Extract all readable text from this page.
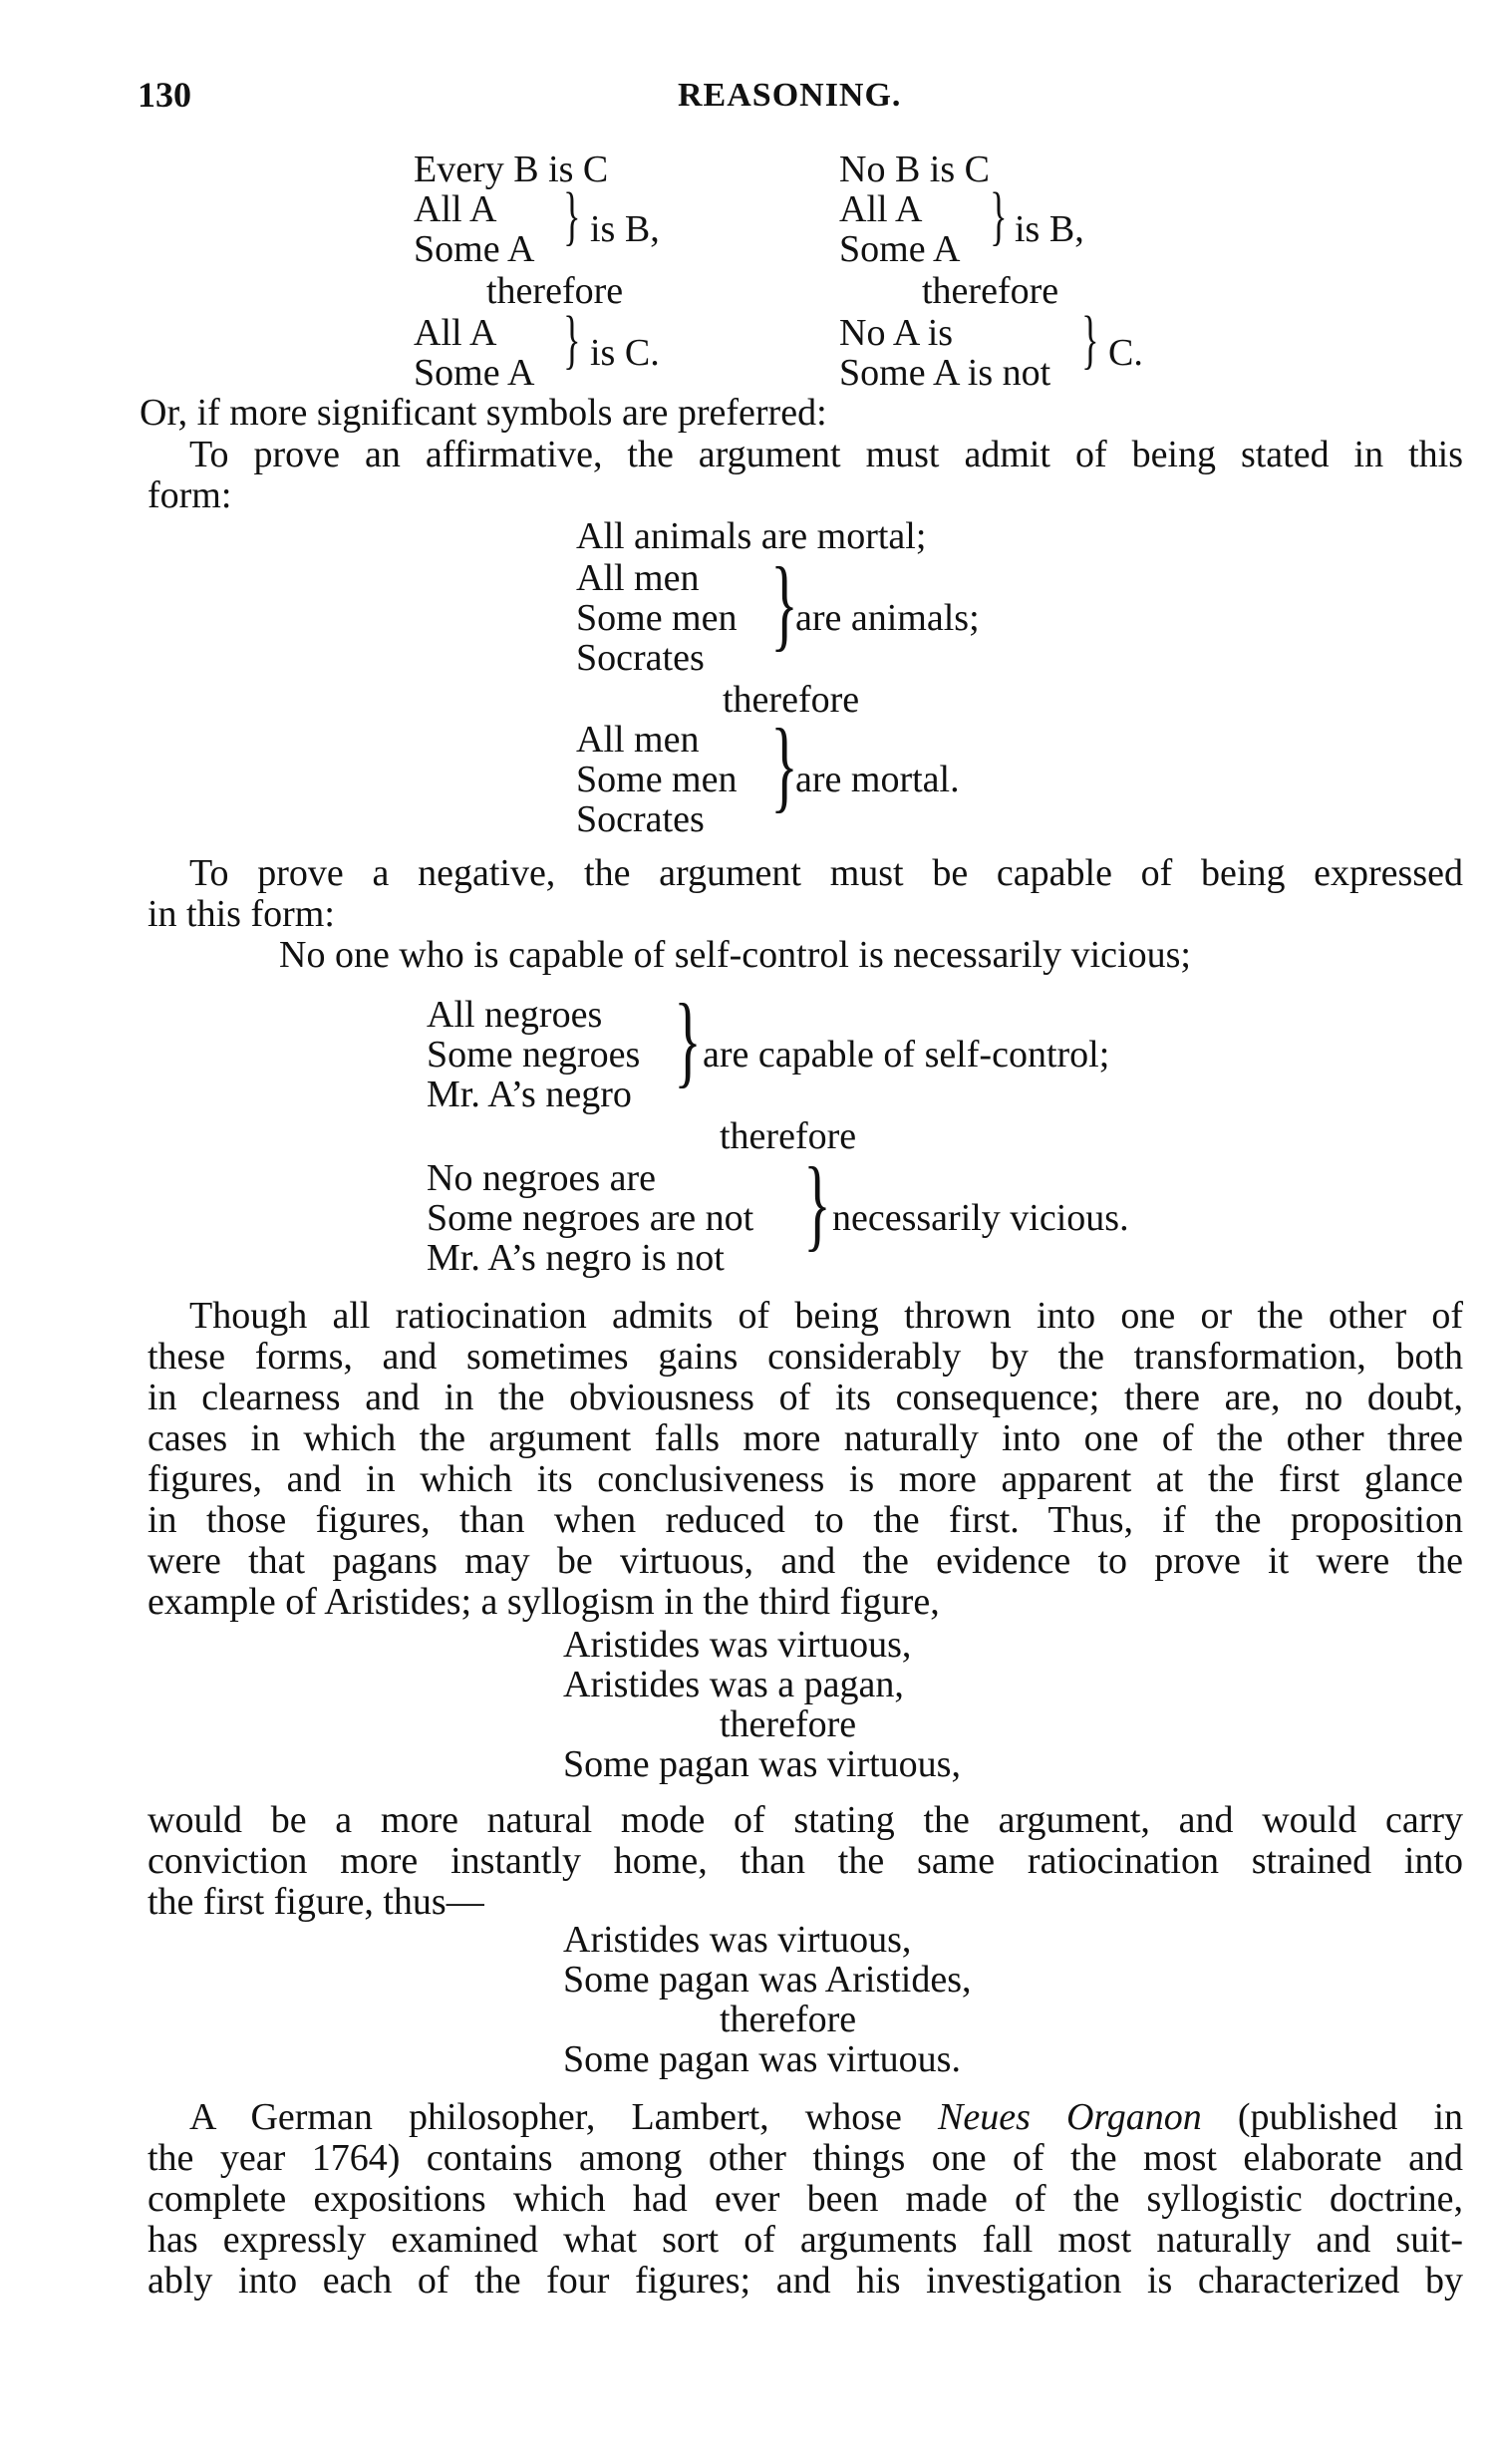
130	REASONING.
Every B is C
All A
Some A } is B,
therefore
All A
Some A } is C.
No B is C
All A
Some A } is B,
therefore
No A is
Some A is not } C.
Or, if more significant symbols are preferred:
To prove an affirmative, the argument must admit of being stated in this
form:
All animals are mortal;
All men
Some men
Socrates }
are animals;
therefore
All men
Some men
Socrates }
are mortal.
To prove a negative, the argument must be capable of being expressed
in this form:
No one who is capable of self-control is necessarily vicious;
All negroes
Some negroes
Mr. A’s negro } are capable of self-control;
therefore
No negroes are
Some negroes are not
Mr. A’s negro is not } necessarily vicious.
Though all ratiocination admits of being thrown into one or the other of
these forms, and sometimes gains considerably by the transformation, both
in clearness and in the obviousness of its consequence; there are, no doubt,
cases in which the argument falls more naturally into one of the other three
figures, and in which its conclusiveness is more apparent at the first glance
in those figures, than when reduced to the first. Thus, if the proposition
were that pagans may be virtuous, and the evidence to prove it were the
example of Aristides; a syllogism in the third figure,
Aristides was virtuous,
Aristides was a pagan,
therefore
Some pagan was virtuous,
would be a more natural mode of stating the argument, and would carry
conviction more instantly home, than the same ratiocination strained into
the first figure, thus—
Aristides was virtuous,
Some pagan was Aristides,
therefore
Some pagan was virtuous.
A German philosopher, Lambert, whose Neues Organon (published in
the year 1764) contains among other things one of the most elaborate and
complete expositions which had ever been made of the syllogistic doctrine,
has expressly examined what sort of arguments fall most naturally and suit-
ably into each of the four figures; and his investigation is characterized by
